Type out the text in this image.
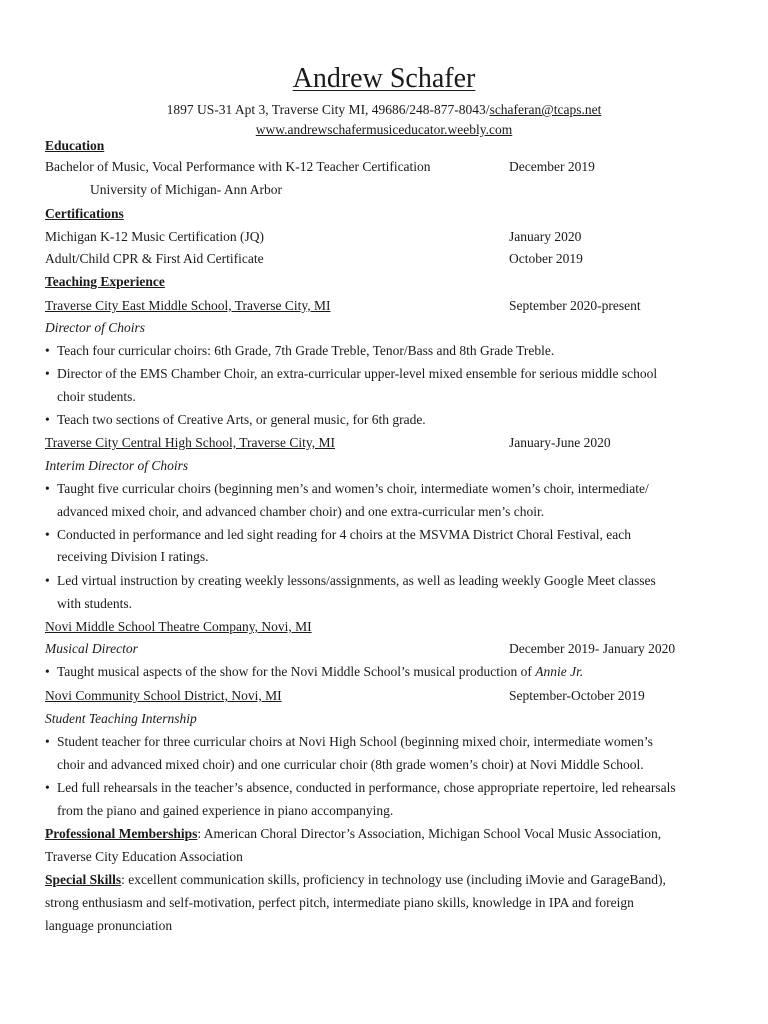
Andrew Schafer
1897 US-31 Apt 3, Traverse City MI, 49686/248-877-8043/schaferan@tcaps.net
www.andrewschafermusiceducator.weebly.com
Education
Bachelor of Music, Vocal Performance with K-12 Teacher Certification	December 2019
University of Michigan- Ann Arbor
Certifications
Michigan K-12 Music Certification (JQ)	January 2020
Adult/Child CPR & First Aid Certificate	October 2019
Teaching Experience
Traverse City East Middle School, Traverse City, MI	September 2020-present
Director of Choirs
• Teach four curricular choirs: 6th Grade, 7th Grade Treble, Tenor/Bass and 8th Grade Treble.
• Director of the EMS Chamber Choir, an extra-curricular upper-level mixed ensemble for serious middle school
choir students.
• Teach two sections of Creative Arts, or general music, for 6th grade.
Traverse City Central High School, Traverse City, MI	January-June 2020
Interim Director of Choirs
• Taught five curricular choirs (beginning men’s and women’s choir, intermediate women’s choir, intermediate/
advanced mixed choir, and advanced chamber choir) and one extra-curricular men’s choir.
• Conducted in performance and led sight reading for 4 choirs at the MSVMA District Choral Festival, each
receiving Division I ratings.
• Led virtual instruction by creating weekly lessons/assignments, as well as leading weekly Google Meet classes
with students.
Novi Middle School Theatre Company, Novi, MI
Musical Director	December 2019- January 2020
• Taught musical aspects of the show for the Novi Middle School’s musical production of Annie Jr.
Novi Community School District, Novi, MI	September-October 2019
Student Teaching Internship
• Student teacher for three curricular choirs at Novi High School (beginning mixed choir, intermediate women’s
choir and advanced mixed choir) and one curricular choir (8th grade women’s choir) at Novi Middle School.
• Led full rehearsals in the teacher’s absence, conducted in performance, chose appropriate repertoire, led rehearsals
from the piano and gained experience in piano accompanying.
Professional Memberships: American Choral Director’s Association, Michigan School Vocal Music Association,
Traverse City Education Association
Special Skills: excellent communication skills, proficiency in technology use (including iMovie and GarageBand),
strong enthusiasm and self-motivation, perfect pitch, intermediate piano skills, knowledge in IPA and foreign
language pronunciation
